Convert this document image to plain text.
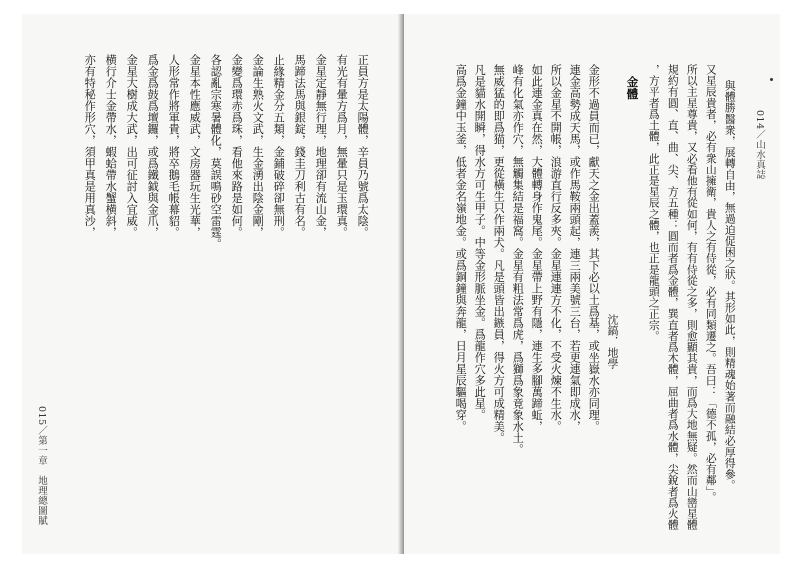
015／第一章　地理總圖賦
正員方是太陽體，辛員乃號爲太陰。
有光有暈方爲月，無暈只是玉環真。
金星定靜無行理，地理卻有流山金，
馬蹄法馬與銀錠，錢圭刀利古有名。
止緣精金分五類，金鋪破碎卻無刑。
金論生熟火文武，生金湧出陰金剛，
金變爲環赤爲珠，看他來路是如何。
各認亂宗寒暑體化，莫誤鳴砂空雷霆。
金星本性應威武，文房器玩生光華，
人形常作將軍貴，將卒鵝毛帳幕貂。
爲金爲鼓爲壇鑼，或爲鐵鉞與金爪，
金星大樹成大武，出可征討入宜威。
横行介士金帶水，蝦蛤帶水蟹横斜，
亦有特秘作形穴，須甲真是用真沙，	014／山水真誌
與體勝醫衆，展轉自由，無過迫促困之狀。其形如此，則精魂始著而融結必厚得參。
又星辰貴者，必有衆山擁衛，貴人之有侍從，必有同類遷之。吾曰：「德不孤，必有鄰」。
所以主星尊貴，又必看他有從如何，有有侍從之多，則愈顯其貴，而爲大地無疑。然而山巒星體
規約有圓、直、曲、尖、方五種：圓而者爲金體，巽直者爲木體，屈曲者爲水體，尖銳者爲火體
，方平者爲土體，此正是星辰之體，也正是龍頭之正宗。
金體
沈鎬．地學
金形不過員而已，獻天之金出蓋羨，其下必以土爲基，或坐嶽水亦同理。
連金高勢成天馬，或作馬鞍兩頭起，連三兩美號三台，若更連氣即成水，
所以金星不開帳，浪游直行反多夾。金星連連方不化，不受火煉不生水。
如此連金真在然，大體轉身作鬼尾。金星帶上野有隱，連生多腳萬蹄蚯，
峰有化氣亦作穴，無觸集結是福窩。金星有粗法常爲虎，爲獅爲象竟象水土。
無威猛的即爲猫，更從橫生只作兩犬。凡是頭皆出鏃員，得火方可成精美。
凡是貓水開瞬，得水方可生甲子。中等金形脈坐金。爲龍作穴多此星。
高爲金鐘中玉釜，低者金名嶺地金。或爲銅鐘與奔龍，日月星辰驅喝穿。
